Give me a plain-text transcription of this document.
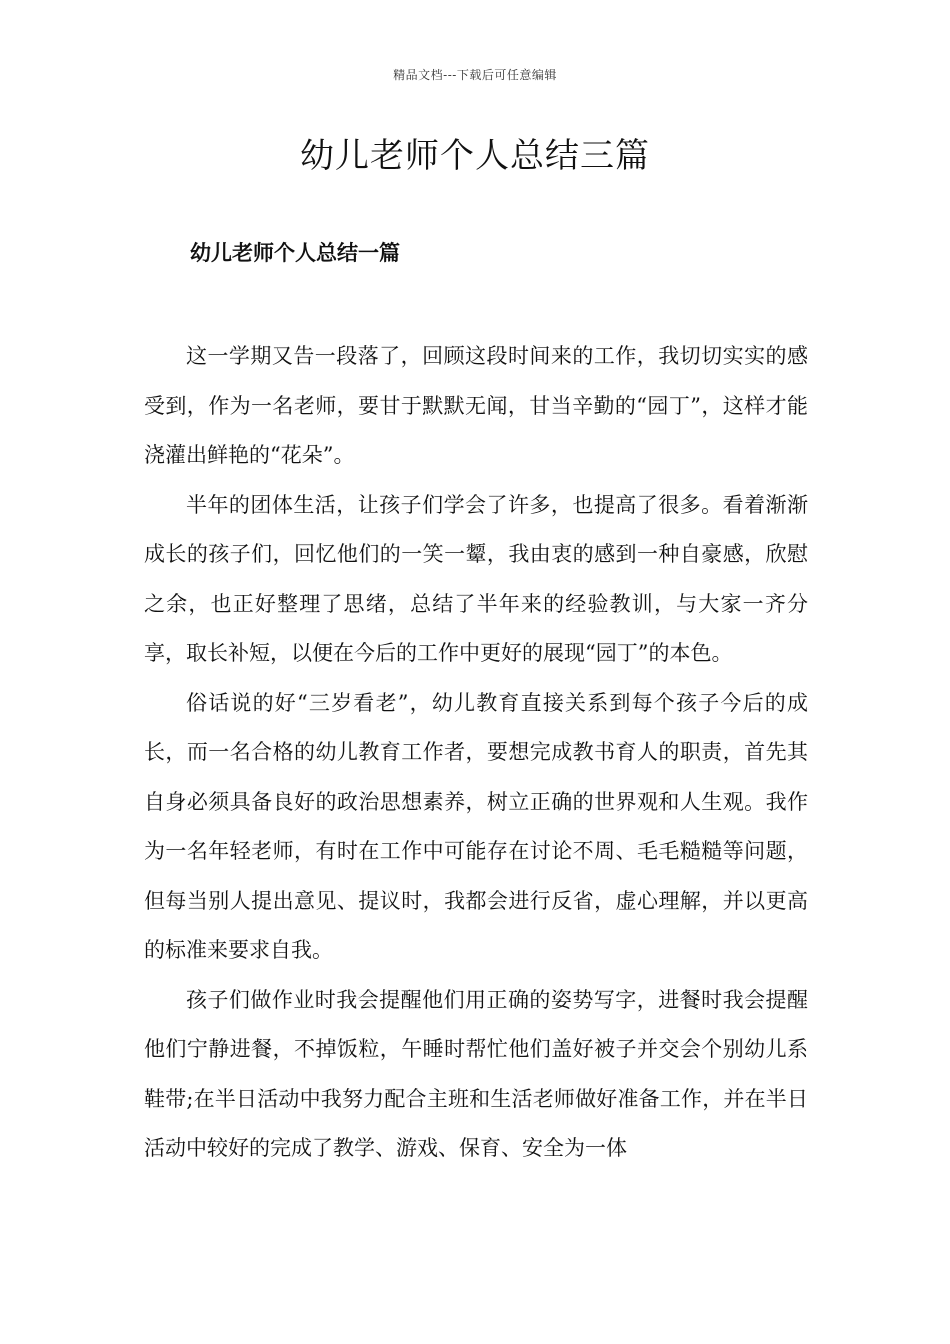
精品文档---下载后可任意编辑
幼儿老师个人总结三篇
幼儿老师个人总结一篇

这一学期又告一段落了，回顾这段时间来的工作，我切切实实的感受到，作为一名老师，要甘于默默无闻，甘当辛勤的“园丁”，这样才能浇灌出鲜艳的“花朵”。

半年的团体生活，让孩子们学会了许多，也提高了很多。看着渐渐成长的孩子们，回忆他们的一笑一颦，我由衷的感到一种自豪感，欣慰之余，也正好整理了思绪，总结了半年来的经验教训，与大家一齐分享，取长补短，以便在今后的工作中更好的展现“园丁”的本色。

俗话说的好“三岁看老”，幼儿教育直接关系到每个孩子今后的成长，而一名合格的幼儿教育工作者，要想完成教书育人的职责，首先其自身必须具备良好的政治思想素养，树立正确的世界观和人生观。我作为一名年轻老师，有时在工作中可能存在讨论不周、毛毛糙糙等问题，但每当别人提出意见、提议时，我都会进行反省，虚心理解，并以更高的标准来要求自我。

孩子们做作业时我会提醒他们用正确的姿势写字，进餐时我会提醒他们宁静进餐，不掉饭粒，午睡时帮忙他们盖好被子并交会个别幼儿系鞋带;在半日活动中我努力配合主班和生活老师做好准备工作，并在半日活动中较好的完成了教学、游戏、保育、安全为一体
